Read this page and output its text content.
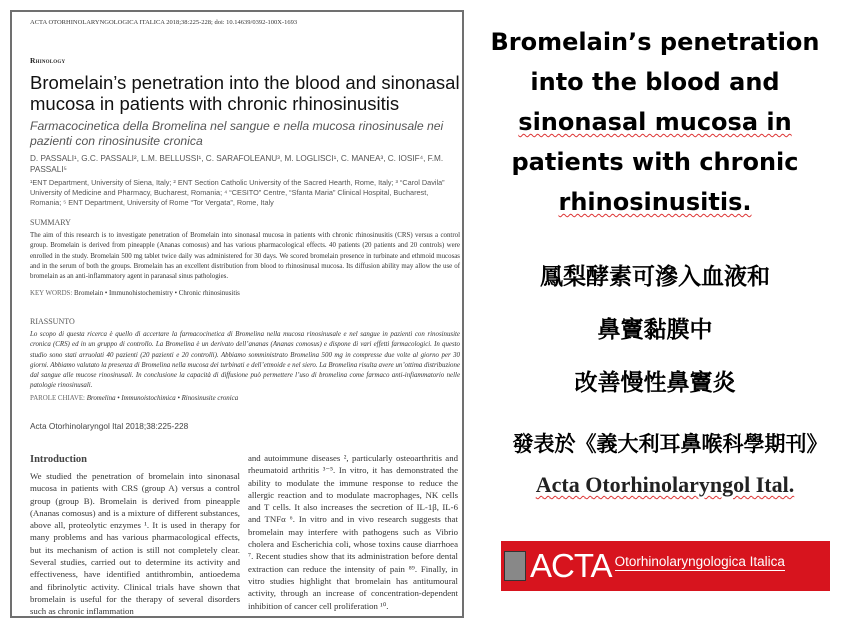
ACTA OTORHINOLARYNGOLOGICA ITALICA 2018;38:225-228; doi: 10.14639/0392-100X-1693
Rhinology
Bromelain’s penetration into the blood and sinonasal mucosa in patients with chronic rhinosinusitis
Farmacocinetica della Bromelina nel sangue e nella mucosa rinosinusale nei pazienti con rinosinusite cronica
D. PASSALI¹, G.C. PASSALI², L.M. BELLUSSI¹, C. SARAFOLEANU³, M. LOGLISCI¹, C. MANEA³, C. IOSIF⁴, F.M. PASSALI⁵
¹ENT Department, University of Siena, Italy; ² ENT Section Catholic University of the Sacred Hearth, Rome, Italy; ³ “Carol Davila” University of Medicine and Pharmacy, Bucharest, Romania; ⁴ “CESITO” Centre, “Sfanta Maria” Clinical Hospital, Bucharest, Romania; ⁵ ENT Department, University of Rome “Tor Vergata”, Rome, Italy
SUMMARY
The aim of this research is to investigate penetration of Bromelain into sinonasal mucosa in patients with chronic rhinosinusitis (CRS) versus a control group. Bromelain is derived from pineapple (Ananas comosus) and has various pharmacological effects. 40 patients (20 patients and 20 controls) were enrolled in the study. Bromelain 500 mg tablet twice daily was administered for 30 days. We scored bromelain presence in turbinate and ethmoid mucosas and in the serum of both the groups. Bromelain has an excellent distribution from blood to rhinosinusal mucosa. Its diffusion ability may allow the use of bromelain as an anti-inflammatory agent in paranasal sinus pathologies.
KEY WORDS: Bromelain • Immunohistochemistry • Chronic rhinosinusitis
RIASSUNTO
Lo scopo di questa ricerca è quello di accertare la farmacocinetica di Bromelina nella mucosa rinosinusale e nel sangue in pazienti con rinosinusite cronica (CRS) ed in un gruppo di controllo. La Bromelina è un derivato dell’ananas (Ananas comosus) e dispone di vari effetti farmacologici. In questo studio sono stati arruolati 40 pazienti (20 pazienti e 20 controlli). Abbiamo somministrato Bromelina 500 mg in compresse due volte al giorno per 30 giorni. Abbiamo valutato la presenza di Bromelina nella mucosa dei turbinati e dell’etmoide e nel siero. La Bromelina risulta avere un’ottima distribuzione dal sangue alle mucose rinosinusali. In conclusione la capacità di diffusione può permettere l’uso di bromelina come farmaco anti-infiammatorio nelle patologie rinosinusali.
PAROLE CHIAVE: Bromelina • Immunoistochimica • Rinosinusite cronica
Acta Otorhinolaryngol Ital 2018;38:225-228
Introduction
We studied the penetration of bromelain into sinonasal mucosa in patients with CRS (group A) versus a control group (group B). Bromelain is derived from pineapple (Ananas comosus) and is a mixture of different substances, above all, proteolytic enzymes ¹. It is used in therapy for many problems and has various pharmacological effects, but its mechanism of action is still not completely clear. Several studies, carried out to determine its activity and effectiveness, have identified antithrombin, antioedema and fibrinolytic activity. Clinical trials have shown that bromelain is useful for the therapy of several disorders such as chronic inflammation
and autoimmune diseases ², particularly osteoarthritis and rheumatoid arthritis ³⁻⁵. In vitro, it has demonstrated the ability to modulate the immune response to reduce the allergic reaction and to modulate macrophages, NK cells and T cells. It also increases the secretion of IL-1β, IL-6 and TNFα ⁶. In vitro and in vivo research suggests that bromelain may interfere with pathogens such as Vibrio cholera and Escherichia coli, whose toxins cause diarrhoea ⁷. Recent studies show that its administration before dental extraction can reduce the intensity of pain ⁸⁹. Finally, in vitro studies highlight that bromelain has antitumoural activity, through an increase of concentration-dependent inhibition of cancer cell proliferation ¹⁰.
Bromelain’s penetration
into the blood and
sinonasal mucosa in
patients with chronic
rhinosinusitis.
鳳梨酵素可滲入血液和
鼻竇黏膜中
改善慢性鼻竇炎
發表於《義大利耳鼻喉科學期刊》
Acta Otorhinolaryngol Ital.
ACTA Otorhinolaryngologica Italica
